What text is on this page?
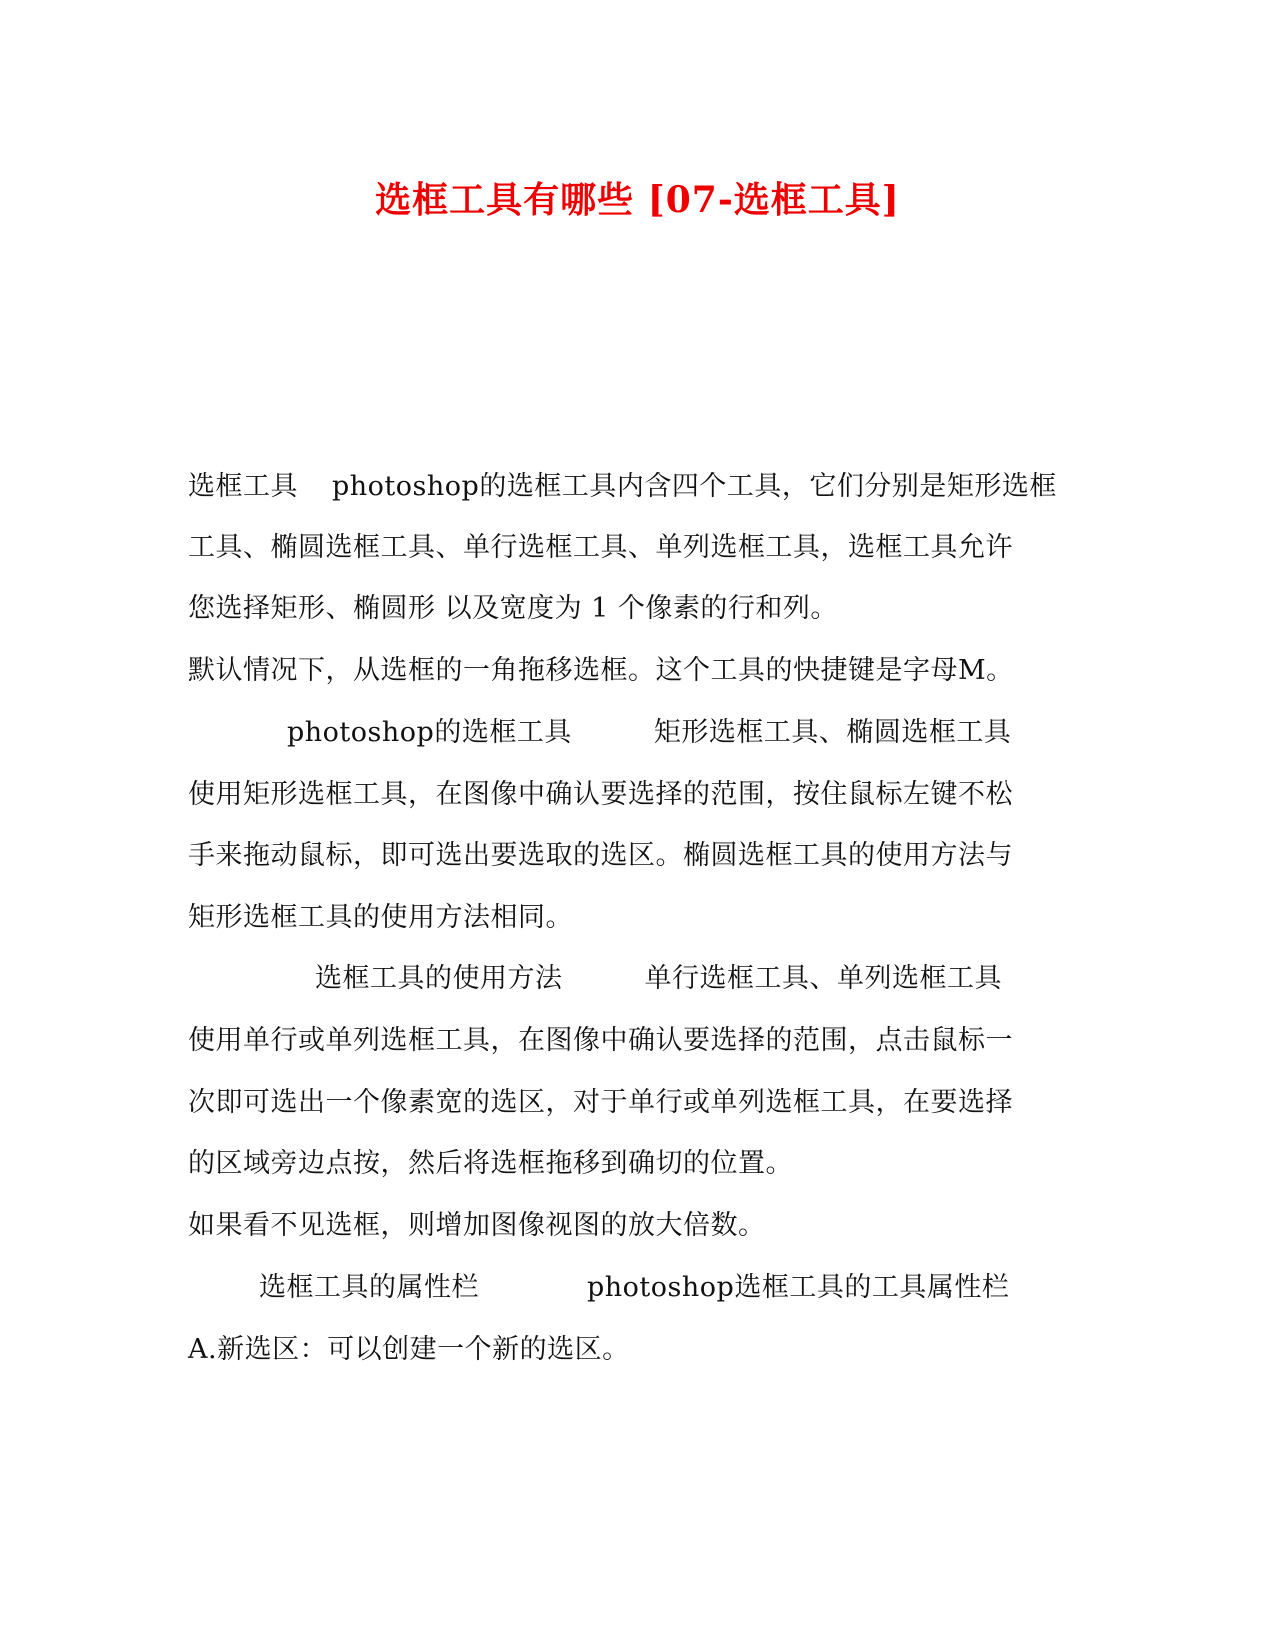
选框工具有哪些 [07-选框工具]
选框工具 photoshop的选框工具内含四个工具，它们分别是矩形选框
工具、椭圆选框工具、单行选框工具、单列选框工具，选框工具允许
您选择矩形、椭圆形 以及宽度为 1 个像素的行和列。
默认情况下，从选框的一角拖移选框。这个工具的快捷键是字母M。
photoshop的选框工具	矩形选框工具、椭圆选框工具
使用矩形选框工具，在图像中确认要选择的范围，按住鼠标左键不松
手来拖动鼠标，即可选出要选取的选区。椭圆选框工具的使用方法与
矩形选框工具的使用方法相同。
选框工具的使用方法	单行选框工具、单列选框工具
使用单行或单列选框工具，在图像中确认要选择的范围，点击鼠标一
次即可选出一个像素宽的选区，对于单行或单列选框工具，在要选择
的区域旁边点按，然后将选框拖移到确切的位置。
如果看不见选框，则增加图像视图的放大倍数。
选框工具的属性栏	photoshop选框工具的工具属性栏
A.新选区：可以创建一个新的选区。
